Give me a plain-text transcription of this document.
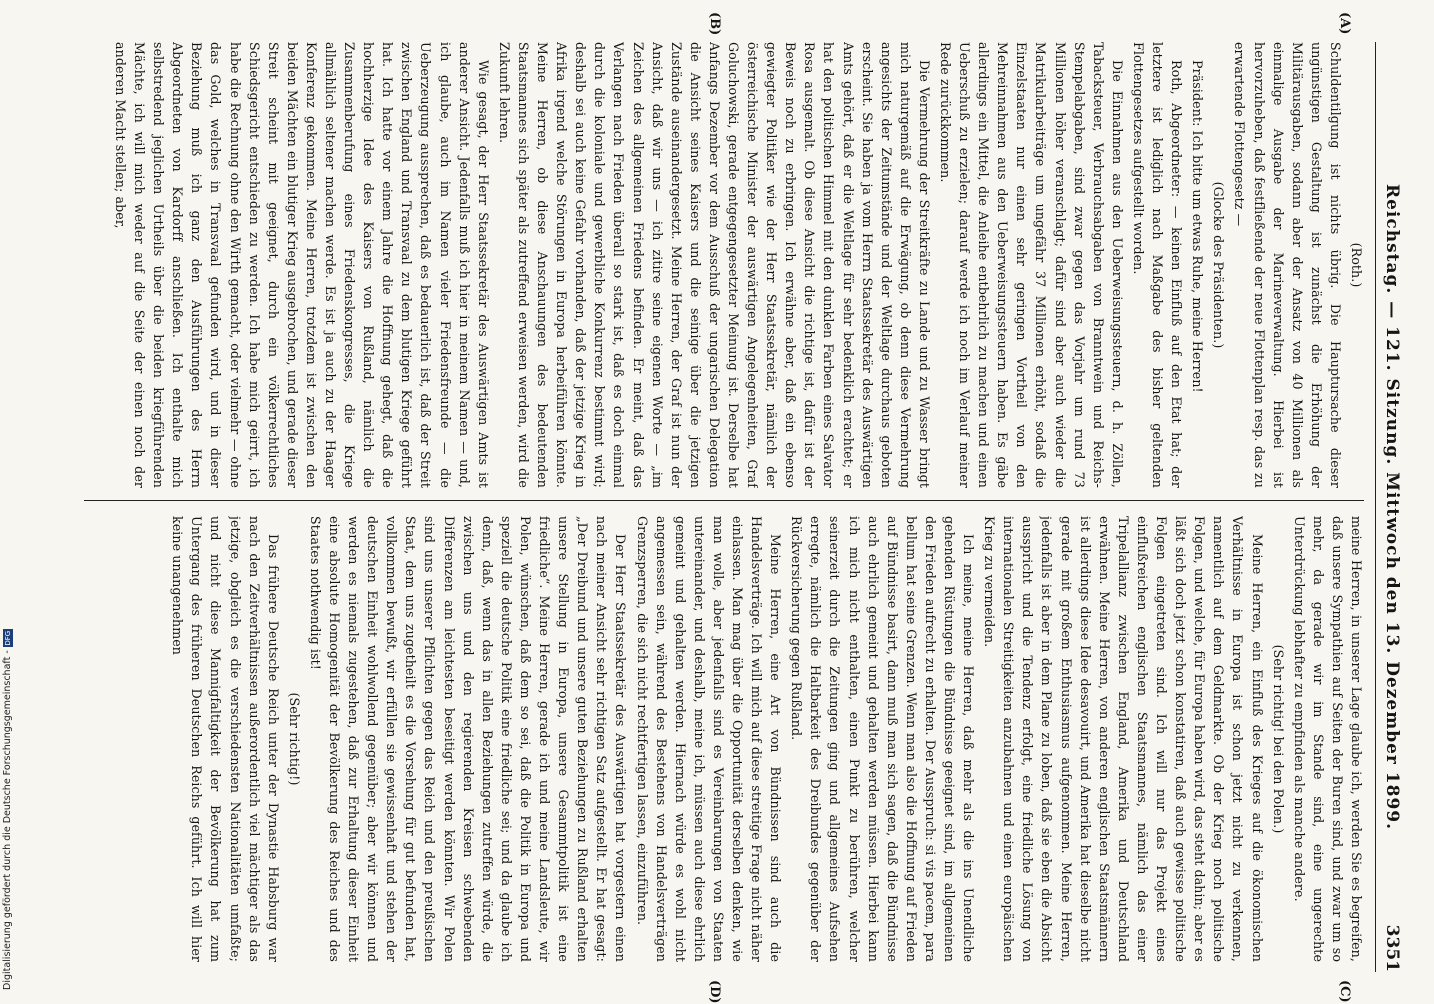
Reichstag. — 121. Sitzung. Mittwoch den 13. Dezember 1899.
3351
(A)
(B)
(C)
(D)

(Roth.)

Schuldentilgung ist nichts übrig. Die Hauptursache dieser ungünstigen Gestaltung ist zunächst die Erhöhung der Militärausgaben, sodann aber der Ansatz von 40 Millionen als einmalige Ausgabe der Marineverwaltung. Hierbei ist hervorzuheben, daß festfließende der neue Flottenplan resp. das zu erwartende Flottengesetz —

(Glocke des Präsidenten.)

Präsident: Ich bitte um etwas Ruhe, meine Herren!

Roth, Abgeordneter: — keinen Einfluß auf den Etat hat; der letztere ist lediglich nach Maßgabe des bisher geltenden Flottengesetzes aufgestellt worden.

Die Einnahmen aus den Ueberweisungssteuern, d. h. Zöllen, Tabacksteuer, Verbrauchsabgaben von Branntwein und Reichs-Stempelabgaben, sind zwar gegen das Vorjahr um rund 73 Millionen höher veranschlagt; dafür sind aber auch wieder die Matrikularbeiträge um ungefähr 37 Millionen erhöht, sodaß die Einzelstaaten nur einen sehr geringen Vortheil von den Mehreinnahmen aus den Ueberweisungssteuern haben. Es gäbe allerdings ein Mittel, die Anleihe entbehrlich zu machen und einen Ueberschuß zu erzielen; darauf werde ich noch im Verlauf meiner Rede zurückkommen.

Die Vermehrung der Streitkräfte zu Lande und zu Wasser bringt mich naturgemäß auf die Erwägung, ob denn diese Vermehrung angesichts der Zeitumstände und der Weltlage durchaus geboten erscheint. Sie haben ja vom Herrn Staatssekretär des Auswärtigen Amts gehört, daß er die Weltlage für sehr bedenklich erachtet; er hat den politischen Himmel mit den dunklen Farben eines Salvator Rosa ausgemalt. Ob diese Ansicht die richtige ist, dafür ist der Beweis noch zu erbringen. Ich erwähne aber, daß ein ebenso gewiegter Politiker wie der Herr Staatssekretär, nämlich der österreichische Minister der auswärtigen Angelegenheiten, Graf Goluchowski, gerade entgegengesetzter Meinung ist. Derselbe hat Anfangs Dezember vor dem Ausschuß der ungarischen Delegation die Ansicht seines Kaisers und die seinige über die jetzigen Zustände auseinandergesetzt. Meine Herren, der Graf ist nun der Ansicht, daß wir uns — ich zitire seine eigenen Worte — „im Zeichen des allgemeinen Friedens befinden. Er meint, daß das Verlangen nach Frieden überall so stark ist, daß es doch einmal durch die koloniale und gewerbliche Konkurrenz bestimmt wird; deshalb sei auch keine Gefahr vorhanden, daß der jetzige Krieg in Afrika irgend welche Störungen in Europa herbeiführen könnte. Meine Herren, ob diese Anschauungen des bedeutenden Staatsmannes sich später als zutreffend erweisen werden, wird die Zukunft lehren.

Wie gesagt, der Herr Staatssekretär des Auswärtigen Amts ist anderer Ansicht. Jedenfalls muß ich hier in meinem Namen — und, ich glaube, auch im Namen vieler Friedensfreunde — die Ueberzeugung aussprechen, daß es bedauerlich ist, daß der Streit zwischen England und Transvaal zu dem blutigen Kriege geführt hat. Ich hatte vor einem Jahre die Hoffnung gehegt, daß die hochherzige Idee des Kaisers von Rußland, nämlich die Zusammenberufung eines Friedenskongresses, die Kriege allmählich seltener machen werde. Es ist ja auch zu der Haager Konferenz gekommen. Meine Herren, trotzdem ist zwischen den beiden Mächten ein blutiger Krieg ausgebrochen, und gerade dieser Streit scheint mit geeignet, durch ein völkerrechtliches Schiedsgericht entschieden zu werden. Ich habe mich geirrt, ich habe die Rechnung ohne den Wirth gemacht, oder vielmehr — ohne das Gold, welches in Transvaal gefunden wird, und in dieser Beziehung muß ich ganz den Ausführungen des Herrn Abgeordneten von Kardorff anschließen. Ich enthalte mich selbstredend jeglichen Urtheils über die beiden kriegführenden Mächte, ich will mich weder auf die Seite der einen noch der anderen Macht stellen; aber,

meine Herren, in unserer Lage glaube ich, werden Sie es begreifen, daß unsere Sympathien auf Seiten der Buren sind, und zwar um so mehr, da gerade wir im Stande sind, eine ungerechte Unterdrückung lebhafter zu empfinden als manche andere.

(Sehr richtig! bei den Polen.)

Meine Herren, ein Einfluß des Krieges auf die ökonomischen Verhältnisse in Europa ist schon jetzt nicht zu verkennen, namentlich auf dem Geldmarkte. Ob der Krieg noch politische Folgen, und welche, für Europa haben wird, das steht dahin; aber es läßt sich doch jetzt schon konstatiren, daß auch gewisse politische Folgen eingetreten sind. Ich will nur das Projekt eines einflußreichen englischen Staatsmannes, nämlich das einer Tripelallianz zwischen England, Amerika und Deutschland erwähnen. Meine Herren, von anderen englischen Staatsmännern ist allerdings diese Idee desavouirt, und Amerika hat dieselbe nicht gerade mit großem Enthusiasmus aufgenommen. Meine Herren, jedenfalls ist aber in dem Plane zu loben, daß sie eben die Absicht ausspricht und die Tendenz erfolgt, eine friedliche Lösung von internationalen Streitigkeiten anzubahnen und einen europäischen Krieg zu vermeiden.

Ich meine, meine Herren, daß mehr als die ins Unendliche gehenden Rüstungen die Bündnisse geeignet sind, im allgemeinen den Frieden aufrecht zu erhalten. Der Ausspruch: si vis pacem, para bellum hat seine Grenzen. Wenn man also die Hoffnung auf Frieden auf Bündnisse basirt, dann muß man sich sagen, daß die Bündnisse auch ehrlich gemeint und gehalten werden müssen. Hierbei kann ich mich nicht enthalten, einen Punkt zu berühren, welcher seinerzeit durch die Zeitungen ging und allgemeines Aufsehen erregte, nämlich die Haltbarkeit des Dreibundes gegenüber der Rückversicherung gegen Rußland.

Meine Herren, eine Art von Bündnissen sind auch die Handelsverträge. Ich will mich auf diese streitige Frage nicht näher einlassen. Man mag über die Opportunität derselben denken, wie man wolle, aber jedenfalls sind es Vereinbarungen von Staaten untereinander, und deshalb, meine ich, müssen auch diese ehrlich gemeint und gehalten werden. Hiernach würde es wohl nicht angemessen sein, während des Bestehens von Handelsverträgen Grenzsperren, die sich nicht rechtfertigen lassen, einzuführen.

Der Herr Staatssekretär des Auswärtigen hat vorgestern einen nach meiner Ansicht sehr richtigen Satz aufgestellt. Er hat gesagt: „Der Dreibund und unsere guten Beziehungen zu Rußland erhalten unsere Stellung in Europa, unsere Gesammtpolitik ist eine friedliche“. Meine Herren, gerade ich und meine Landsleute, wir Polen, wünschen, daß dem so sei, daß die Politik in Europa und speziell die deutsche Politik eine friedliche sei; und da glaube ich denn, daß, wenn das in allen Beziehungen zutreffen würde, die zwischen uns und den regierenden Kreisen schwebenden Differenzen am leichtesten beseitigt werden könnten. Wir Polen sind uns unserer Pflichten gegen das Reich und den preußischen Staat, dem uns zugetheilt es die Vorsehung für gut befunden hat, vollkommen bewußt, wir erfüllen sie gewissenhaft und stehen der deutschen Einheit wohlwollend gegenüber; aber wir können und werden es niemals zugestehen, daß zur Erhaltung dieser Einheit eine absolute Homogenität der Bevölkerung des Reiches und des Staates nothwendig ist!

(Sehr richtig!)

Das frühere Deutsche Reich unter der Dynastie Habsburg war nach den Zeitverhältnissen außerordentlich viel mächtiger als das jetzige, obgleich es die verschiedensten Nationalitäten umfaßte; und nicht diese Mannigfaltigkeit der Bevölkerung hat zum Untergang des früheren Deutschen Reichs geführt. Ich will hier keine unangenehmen

Digitalisierung gefördert durch die Deutsche Forschungsgemeinschaft -DFG
